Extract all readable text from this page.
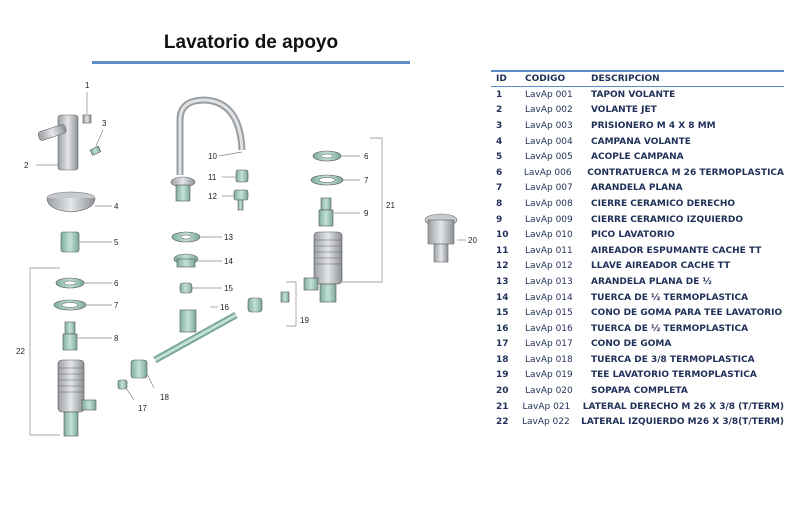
Lavatorio de apoyo
1
2
3
4
5
6
7
8
22
10
11
12
13
14
15
16
17
18
19
6
7
9
21
20
ID	CODIGO	DESCRIPCION
1	LavAp 001	TAPON VOLANTE
2	LavAp 002	VOLANTE JET
3	LavAp 003	PRISIONERO M 4 X 8 MM
4	LavAp 004	CAMPANA VOLANTE
5	LavAp 005	ACOPLE CAMPANA
6	LavAp 006	CONTRATUERCA M 26 TERMOPLASTICA
7	LavAp 007	ARANDELA PLANA
8	LavAp 008	CIERRE CERAMICO DERECHO
9	LavAp 009	CIERRE CERAMICO IZQUIERDO
10	LavAp 010	PICO LAVATORIO
11	LavAp 011	AIREADOR ESPUMANTE CACHE TT
12	LavAp 012	LLAVE AIREADOR CACHE TT
13	LavAp 013	ARANDELA PLANA DE ½
14	LavAp 014	TUERCA DE ½ TERMOPLASTICA
15	LavAp 015	CONO DE GOMA PARA TEE LAVATORIO
16	LavAp 016	TUERCA DE ½ TERMOPLASTICA
17	LavAp 017	CONO DE GOMA
18	LavAp 018	TUERCA DE 3/8 TERMOPLASTICA
19	LavAp 019	TEE LAVATORIO TERMOPLASTICA
20	LavAp 020	SOPAPA COMPLETA
21	LavAp 021	LATERAL DERECHO M 26 X 3/8 (T/TERM)
22	LavAp 022	LATERAL IZQUIERDO M26 X 3/8(T/TERM)
